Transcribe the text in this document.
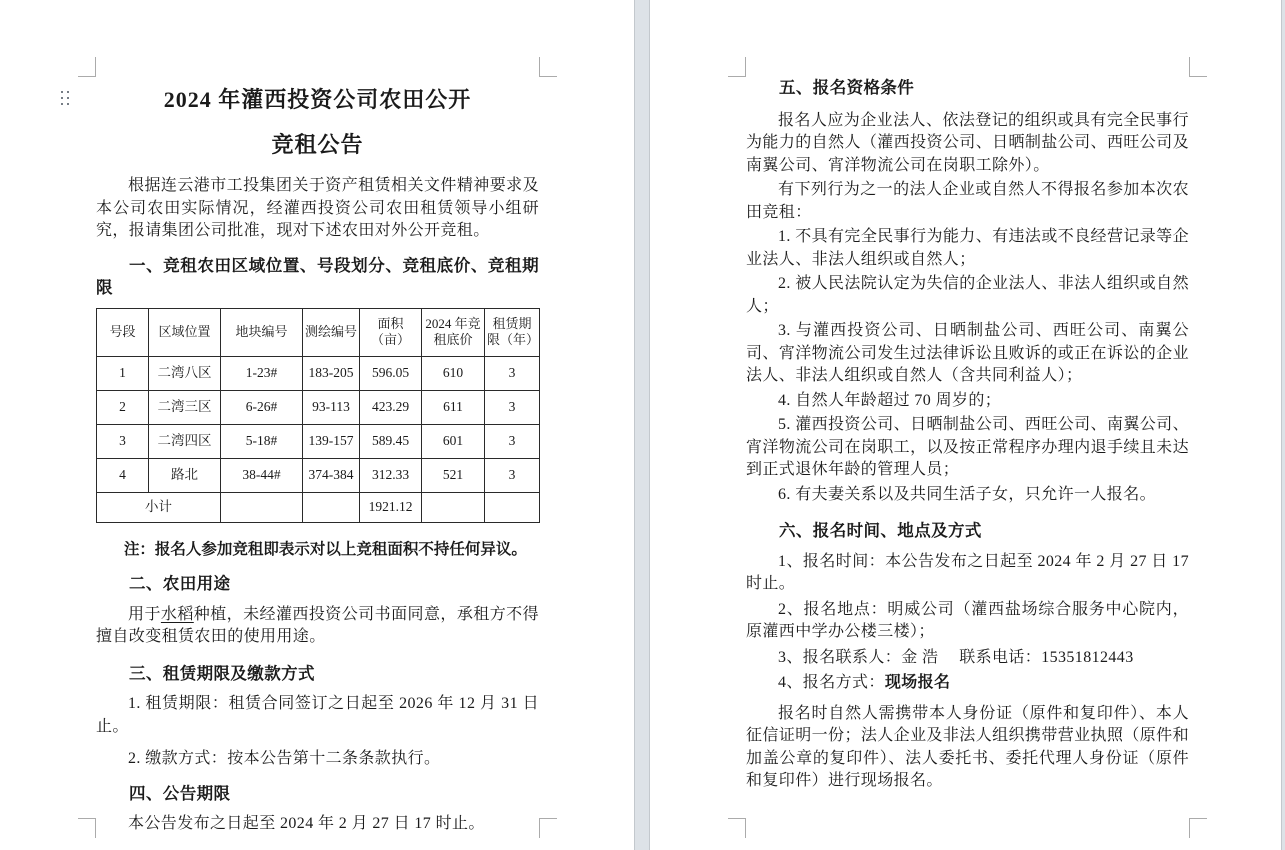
2024 年灌西投资公司农田公开

竞租公告

根据连云港市工投集团关于资产租赁相关文件精神要求及本公司农田实际情况，经灌西投资公司农田租赁领导小组研究，报请集团公司批准，现对下述农田对外公开竞租。

一、竞租农田区域位置、号段划分、竞租底价、竞租期限

号段	区域位置	地块编号	测绘编号	面积（亩）	2024 年竞租底价	租赁期限（年）
1	二湾八区	1-23#	183-205	596.05	610	3
2	二湾三区	6-26#	93-113	423.29	611	3
3	二湾四区	5-18#	139-157	589.45	601	3
4	路北	38-44#	374-384	312.33	521	3
小计				1921.12		

注：报名人参加竞租即表示对以上竞租面积不持任何异议。

二、农田用途

用于水稻种植，未经灌西投资公司书面同意，承租方不得擅自改变租赁农田的使用用途。

三、租赁期限及缴款方式

1. 租赁期限：租赁合同签订之日起至 2026 年 12 月 31 日止。

2. 缴款方式：按本公告第十二条条款执行。

四、公告期限

本公告发布之日起至 2024 年 2 月 27 日 17 时止。

五、报名资格条件

报名人应为企业法人、依法登记的组织或具有完全民事行为能力的自然人（灌西投资公司、日晒制盐公司、西旺公司及南翼公司、宵洋物流公司在岗职工除外）。

有下列行为之一的法人企业或自然人不得报名参加本次农田竞租：

1. 不具有完全民事行为能力、有违法或不良经营记录等企业法人、非法人组织或自然人；

2. 被人民法院认定为失信的企业法人、非法人组织或自然人；

3. 与灌西投资公司、日晒制盐公司、西旺公司、南翼公司、宵洋物流公司发生过法律诉讼且败诉的或正在诉讼的企业法人、非法人组织或自然人（含共同利益人）；

4. 自然人年龄超过 70 周岁的；

5. 灌西投资公司、日晒制盐公司、西旺公司、南翼公司、宵洋物流公司在岗职工，以及按正常程序办理内退手续且未达到正式退休年龄的管理人员；

6. 有夫妻关系以及共同生活子女，只允许一人报名。

六、报名时间、地点及方式

1、报名时间：本公告发布之日起至 2024 年 2 月 27 日 17 时止。

2、报名地点：明威公司（灌西盐场综合服务中心院内，原灌西中学办公楼三楼）；

3、报名联系人：金 浩　 联系电话：15351812443

4、报名方式：现场报名

报名时自然人需携带本人身份证（原件和复印件）、本人征信证明一份；法人企业及非法人组织携带营业执照（原件和加盖公章的复印件）、法人委托书、委托代理人身份证（原件和复印件）进行现场报名。
